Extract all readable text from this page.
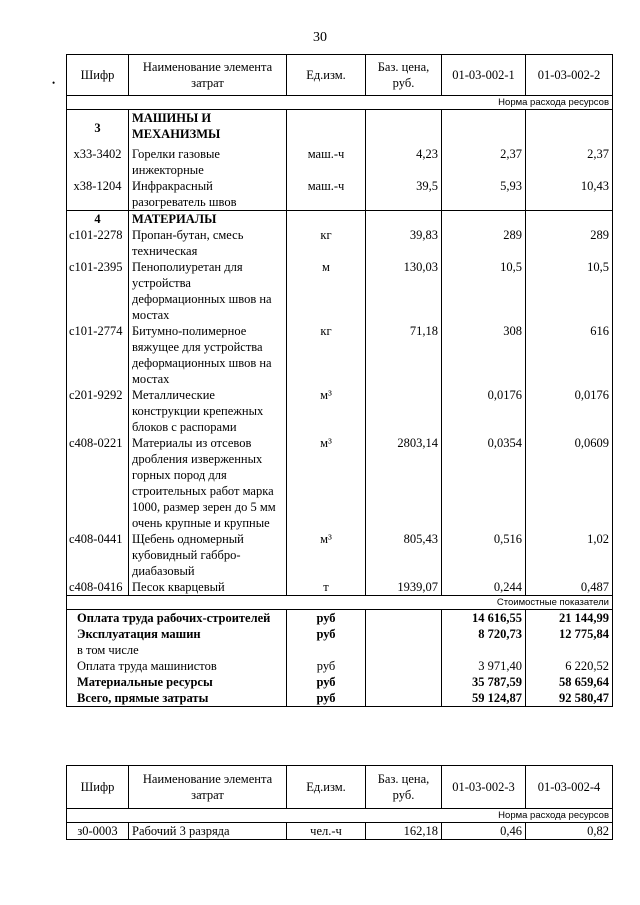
30
•
Шифр	Наименование элемента затрат	Ед.изм.	Баз. цена, руб.	01-03-002-1	01-03-002-2
Норма расхода ресурсов					
3	МАШИНЫ И МЕХАНИЗМЫ				
х33-3402	Горелки газовые инжекторные	маш.-ч	4,23	2,37	2,37
х38-1204	Инфракрасный разогреватель швов	маш.-ч	39,5	5,93	10,43
4	МАТЕРИАЛЫ				
с101-2278	Пропан-бутан, смесь техническая	кг	39,83	289	289
с101-2395	Пенополиуретан для устройства деформационных швов на мостах	м	130,03	10,5	10,5
с101-2774	Битумно-полимерное вяжущее для устройства деформационных швов на мостах	кг	71,18	308	616
с201-9292	Металлические конструкции крепежных блоков с распорами	м³		0,0176	0,0176
с408-0221	Материалы из отсевов дробления изверженных горных пород для строительных работ марка 1000, размер зерен до 5 мм очень крупные и крупные	м³	2803,14	0,0354	0,0609
с408-0441	Щебень одномерный кубовидный габбро-диабазовый	м³	805,43	0,516	1,02
с408-0416	Песок кварцевый	т	1939,07	0,244	0,487
Стоимостные показатели					
Оплата труда рабочих-строителей		руб		14 616,55	21 144,99
Эксплуатация машин		руб		8 720,73	12 775,84
в том числе					
Оплата труда машинистов		руб		3 971,40	6 220,52
Материальные ресурсы		руб		35 787,59	58 659,64
Всего, прямые затраты		руб		59 124,87	92 580,47
Шифр	Наименование элемента затрат	Ед.изм.	Баз. цена, руб.	01-03-002-3	01-03-002-4
Норма расхода ресурсов					
з0-0003	Рабочий 3 разряда	чел.-ч	162,18	0,46	0,82
